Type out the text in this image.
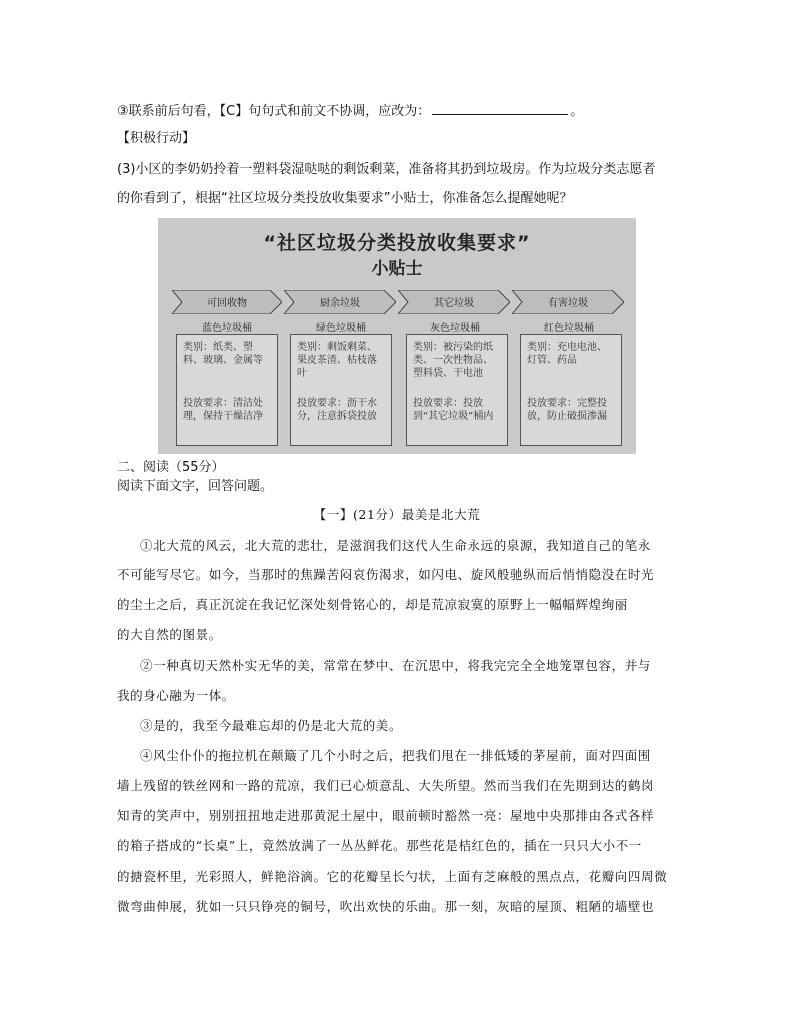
③联系前后句看，【C】句句式和前文不协调，应改为：	。
【积极行动】
(3)小区的李奶奶拎着一塑料袋湿哒哒的剩饭剩菜，准备将其扔到垃圾房。作为垃圾分类志愿者
的你看到了，根据“社区垃圾分类投放收集要求”小贴士，你准备怎么提醒她呢？
“社区垃圾分类投放收集要求”
小贴士
可回收物	厨余垃圾	其它垃圾	有害垃圾
蓝色垃圾桶	绿色垃圾桶	灰色垃圾桶	红色垃圾桶
类别：纸类、塑料、玻璃、金属等
投放要求：清洁处理，保持干燥洁净
类别：剩饭剩菜、果皮茶渣、枯枝落叶
投放要求：沥干水分，注意拆袋投放
类别：被污染的纸类、一次性物品、塑料袋、干电池
投放要求：投放到“其它垃圾”桶内
类别：充电电池、灯管、药品
投放要求：完整投放，防止破损渗漏
二、阅读（55分）
阅读下面文字，回答问题。
【一】(21分）最美是北大荒
①北大荒的风云，北大荒的悲壮，是滋润我们这代人生命永远的泉源，我知道自己的笔永
不可能写尽它。如今，当那时的焦躁苦闷哀伤渴求，如闪电、旋风般驰纵而后悄悄隐没在时光
的尘土之后，真正沉淀在我记忆深处刻骨铭心的，却是荒凉寂寞的原野上一幅幅辉煌绚丽
的大自然的图景。
②一种真切天然朴实无华的美，常常在梦中、在沉思中，将我完完全全地笼罩包容，并与
我的身心融为一体。
③是的，我至今最难忘却的仍是北大荒的美。
④风尘仆仆的拖拉机在颠簸了几个小时之后，把我们甩在一排低矮的茅屋前，面对四面围
墙上残留的铁丝网和一路的荒凉，我们已心烦意乱、大失所望。然而当我们在先期到达的鹤岗
知青的笑声中，别别扭扭地走进那黄泥土屋中，眼前顿时豁然一亮：屋地中央那排由各式各样
的箱子搭成的“长桌”上，竟然放满了一丛丛鲜花。那些花是桔红色的，插在一只只大小不一
的搪瓷杯里，光彩照人，鲜艳浴滴。它的花瓣呈长勺状，上面有芝麻般的黑点点，花瓣向四周微
微弯曲伸展，犹如一只只铮亮的铜号，吹出欢快的乐曲。那一刻，灰暗的屋顶、粗陋的墙壁也
